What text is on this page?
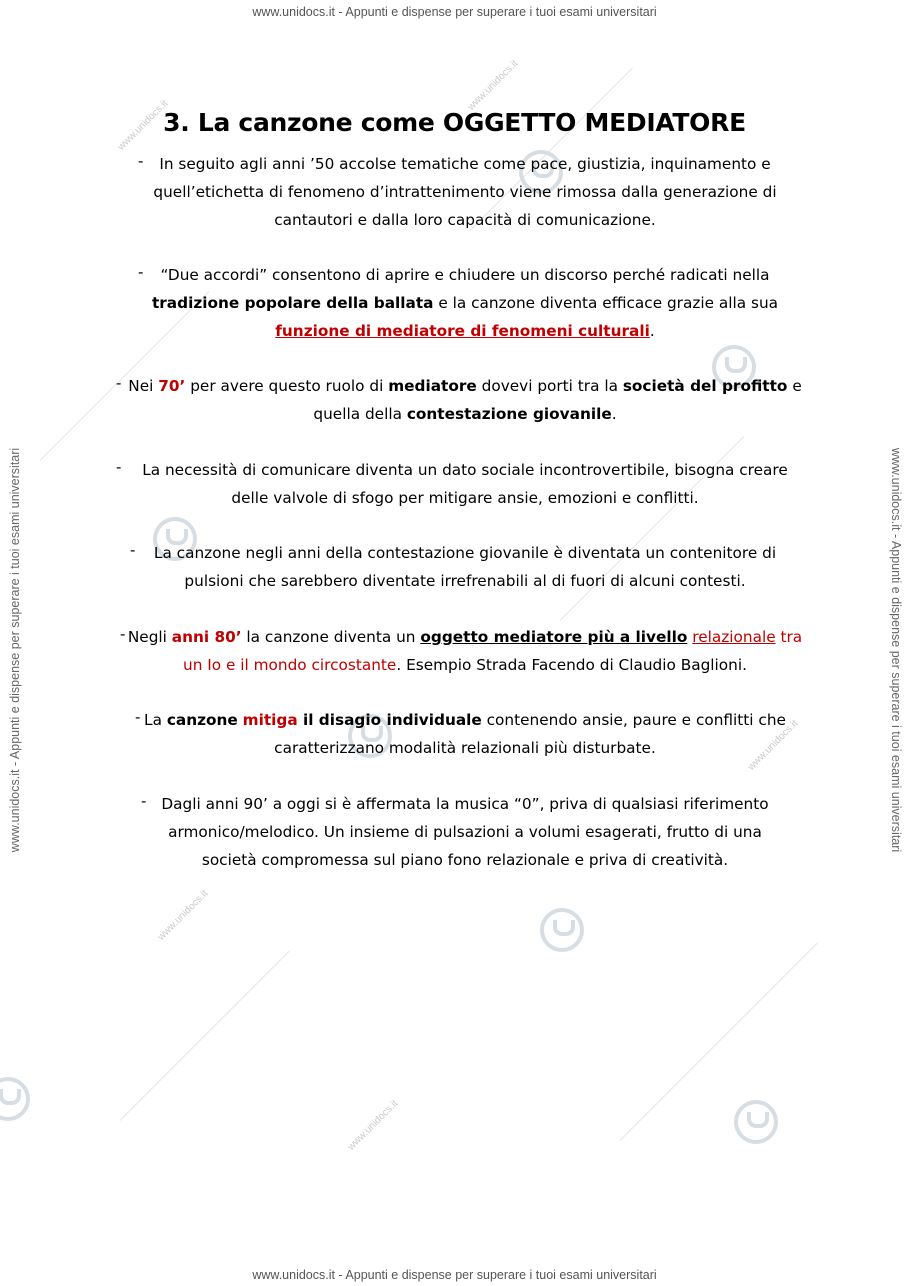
www.unidocs.it - Appunti e dispense per superare i tuoi esami universitari
www.unidocs.it - Appunti e dispense per superare i tuoi esami universitari
www.unidocs.it - Appunti e dispense per superare i tuoi esami universitari	www.unidocs.it - Appunti e dispense per superare i tuoi esami universitari
www.unidocs.it
www.unidocs.it
www.unidocs.it
www.unidocs.it
www.unidocs.it
3. La canzone come OGGETTO MEDIATORE
-	In seguito agli anni ’50 accolse tematiche come pace, giustizia, inquinamento e
quell’etichetta di fenomeno d’intrattenimento viene rimossa dalla generazione di
cantautori e dalla loro capacità di comunicazione.

-	“Due accordi” consentono di aprire e chiudere un discorso perché radicati nella
tradizione popolare della ballata e la canzone diventa efficace grazie alla sua
funzione di mediatore di fenomeni culturali.

- Nei 70’ per avere questo ruolo di mediatore dovevi porti tra la società del profitto e
quella della contestazione giovanile.

-	La necessità di comunicare diventa un dato sociale incontrovertibile, bisogna creare
delle valvole di sfogo per mitigare ansie, emozioni e conflitti.

-	La canzone negli anni della contestazione giovanile è diventata un contenitore di
pulsioni che sarebbero diventate irrefrenabili al di fuori di alcuni contesti.

- Negli anni 80’ la canzone diventa un oggetto mediatore più a livello relazionale tra
un Io e il mondo circostante. Esempio Strada Facendo di Claudio Baglioni.

- La canzone mitiga il disagio individuale contenendo ansie, paure e conflitti che
caratterizzano modalità relazionali più disturbate.

- Dagli anni 90’ a oggi si è affermata la musica “0”, priva di qualsiasi riferimento
armonico/melodico. Un insieme di pulsazioni a volumi esagerati, frutto di una
società compromessa sul piano fono relazionale e priva di creatività.
